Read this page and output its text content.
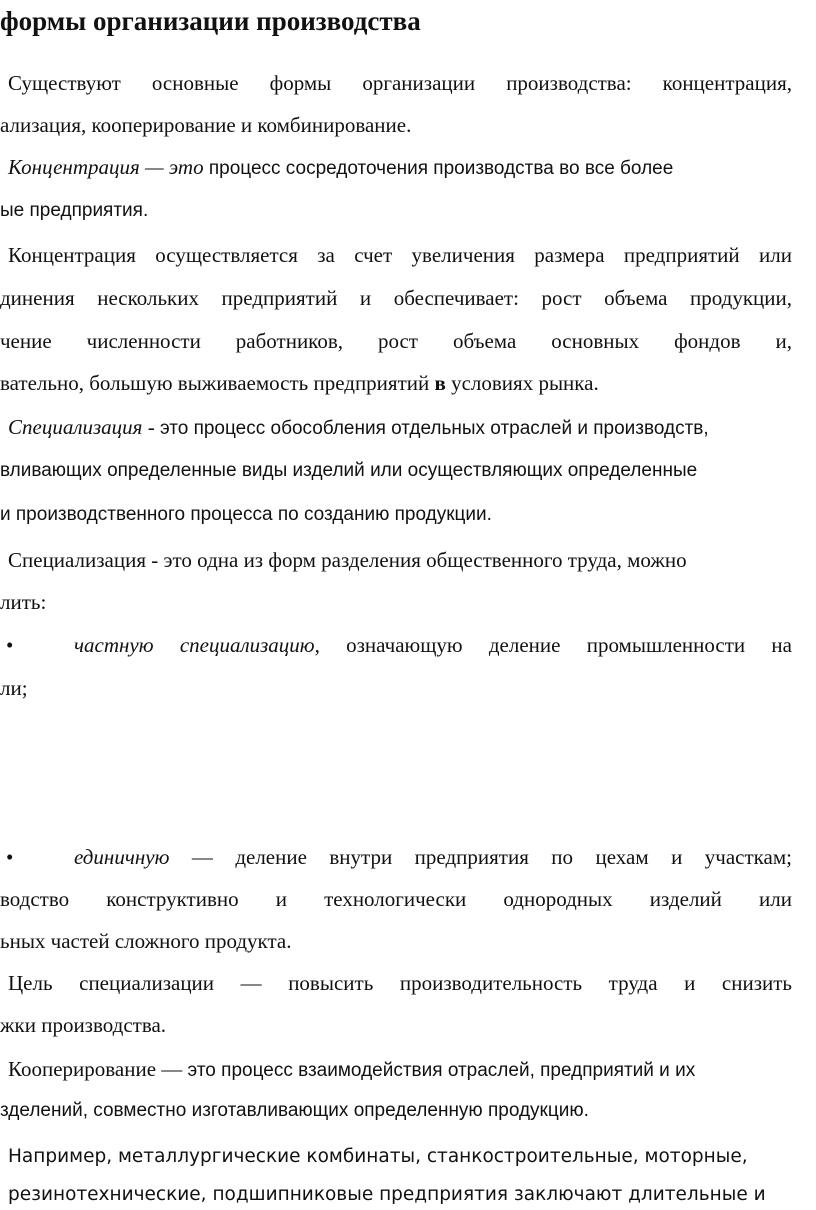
формы организации производства
Существуют основные формы организации производства: концентрация,
ализация, кооперирование и комбинирование.
Концентрация — это процесс сосредоточения производства во все более
ые предприятия.
Концентрация осуществляется за счет увеличения размера предприятий или
динения нескольких предприятий и обеспечивает: рост объема продукции,
чение численности работников, рост объема основных фондов и,
вательно, большую выживаемость предприятий в условиях рынка.
Специализация - это процесс обособления отдельных отраслей и производств,
вливающих определенные виды изделий или осуществляющих определенные
и производственного процесса по созданию продукции.
Специализация - это одна из форм разделения общественного труда, можно
лить:
•	частную специализацию, означающую деление промышленности на
ли;
•	единичную — деление внутри предприятия по цехам и участкам;
водство конструктивно и технологически однородных изделий или
ьных частей сложного продукта.
Цель специализации — повысить производительность труда и снизить
жки производства.
Кооперирование — это процесс взаимодействия отраслей, предприятий и их
зделений, совместно изготавливающих определенную продукцию.
Например, металлургические комбинаты, станкостроительные, моторные,
резинотехнические, подшипниковые предприятия заключают длительные и
